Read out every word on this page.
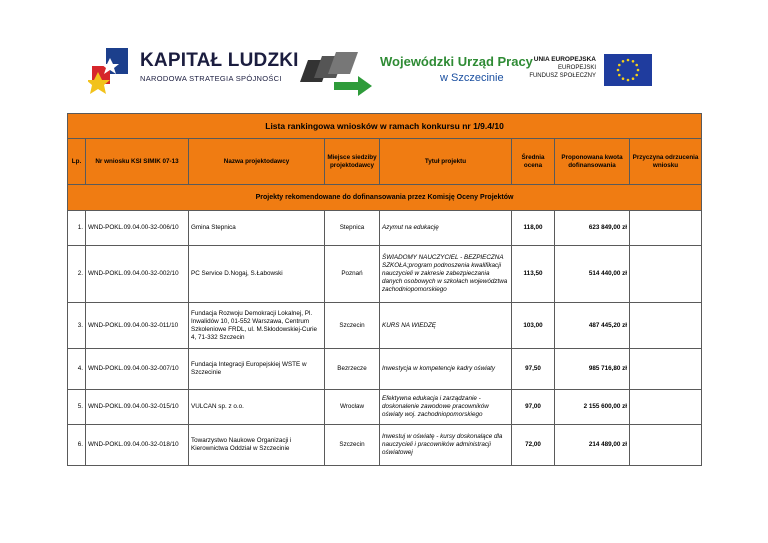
KAPITAŁ LUDZKI
NARODOWA STRATEGIA SPÓJNOŚCI
Wojewódzki Urząd Pracy
w Szczecinie
UNIA EUROPEJSKA
EUROPEJSKI
FUNDUSZ SPOŁECZNY
Lista rankingowa wniosków w ramach konkursu nr 1/9.4/10							
Lp.	Nr wniosku KSI SIMIK 07-13	Nazwa projektodawcy	Miejsce siedziby projektodawcy	Tytuł projektu	Średnia ocena	Proponowana kwota dofinansowania	Przyczyna odrzucenia wniosku
Projekty rekomendowane do dofinansowania przez Komisję Oceny Projektów							
1.	WND-POKL.09.04.00-32-006/10	Gmina Stepnica	Stepnica	Azymut na edukację	118,00	623 849,00 zł	
2.	WND-POKL.09.04.00-32-002/10	PC Service D.Nogaj, S.Łabowski	Poznań	ŚWIADOMY NAUCZYCIEL - BEZPIECZNA SZKOŁA;program podnoszenia kwalifikacji nauczycieli w zakresie zabezpieczania danych osobowych w szkołach województwa zachodniopomorskiego	113,50	514 440,00 zł	
3.	WND-POKL.09.04.00-32-011/10	Fundacja Rozwoju Demokracji Lokalnej, Pl. Inwalidów 10, 01-552 Warszawa, Centrum Szkoleniowe FRDL, ul. M.Skłodowskiej-Curie 4, 71-332 Szczecin	Szczecin	KURS NA WIEDZĘ	103,00	487 445,20 zł	
4.	WND-POKL.09.04.00-32-007/10	Fundacja Integracji Europejskiej WSTE w Szczecinie	Bezrzecze	Inwestycja w kompetencje kadry oświaty	97,50	985 716,80 zł	
5.	WND-POKL.09.04.00-32-015/10	VULCAN sp. z o.o.	Wrocław	Efektywna edukacja i zarządzanie - doskonalenie zawodowe pracowników oświaty woj. zachodniopomorskiego	97,00	2 155 600,00 zł	
6.	WND-POKL.09.04.00-32-018/10	Towarzystwo Naukowe Organizacji i Kierownictwa Oddział w Szczecinie	Szczecin	Inwestuj w oświatę - kursy doskonalące dla nauczycieli i pracowników administracji oświatowej	72,00	214 489,00 zł	
